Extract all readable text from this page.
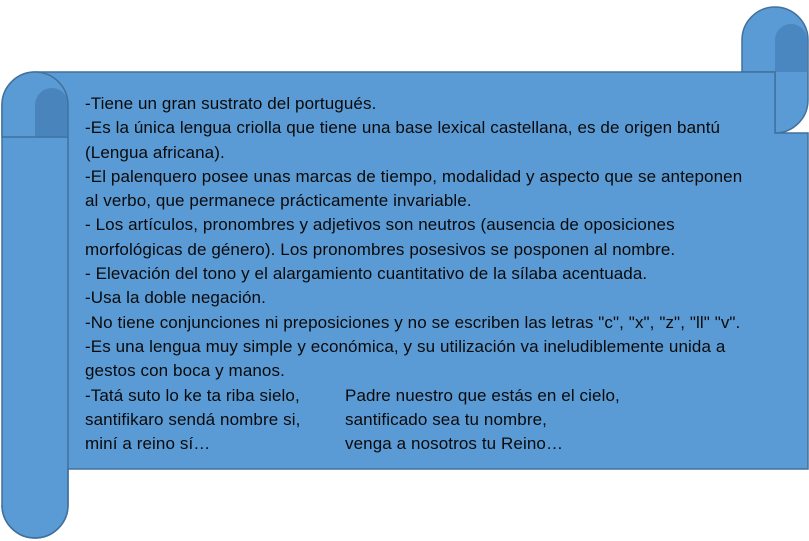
-Tiene un gran sustrato del portugués.
-Es la única lengua criolla que tiene una base lexical castellana, es de origen bantú
(Lengua africana).
-El palenquero posee unas marcas de tiempo, modalidad y aspecto que se anteponen
al verbo, que permanece prácticamente invariable.
- Los artículos, pronombres y adjetivos son neutros (ausencia de oposiciones
morfológicas de género). Los pronombres posesivos se posponen al nombre.
- Elevación del tono y el alargamiento cuantitativo de la sílaba acentuada.
-Usa la doble negación.
-No tiene conjunciones ni preposiciones y no se escriben las letras "c", "x", "z", "ll" "v".
-Es una lengua muy simple y económica, y su utilización va ineludiblemente unida a
gestos con boca y manos.
-Tatá suto lo ke ta riba sielo,	Padre nuestro que estás en el cielo,
santifikaro sendá nombre si,	santificado sea tu nombre,
miní a reino sí…	venga a nosotros tu Reino…
